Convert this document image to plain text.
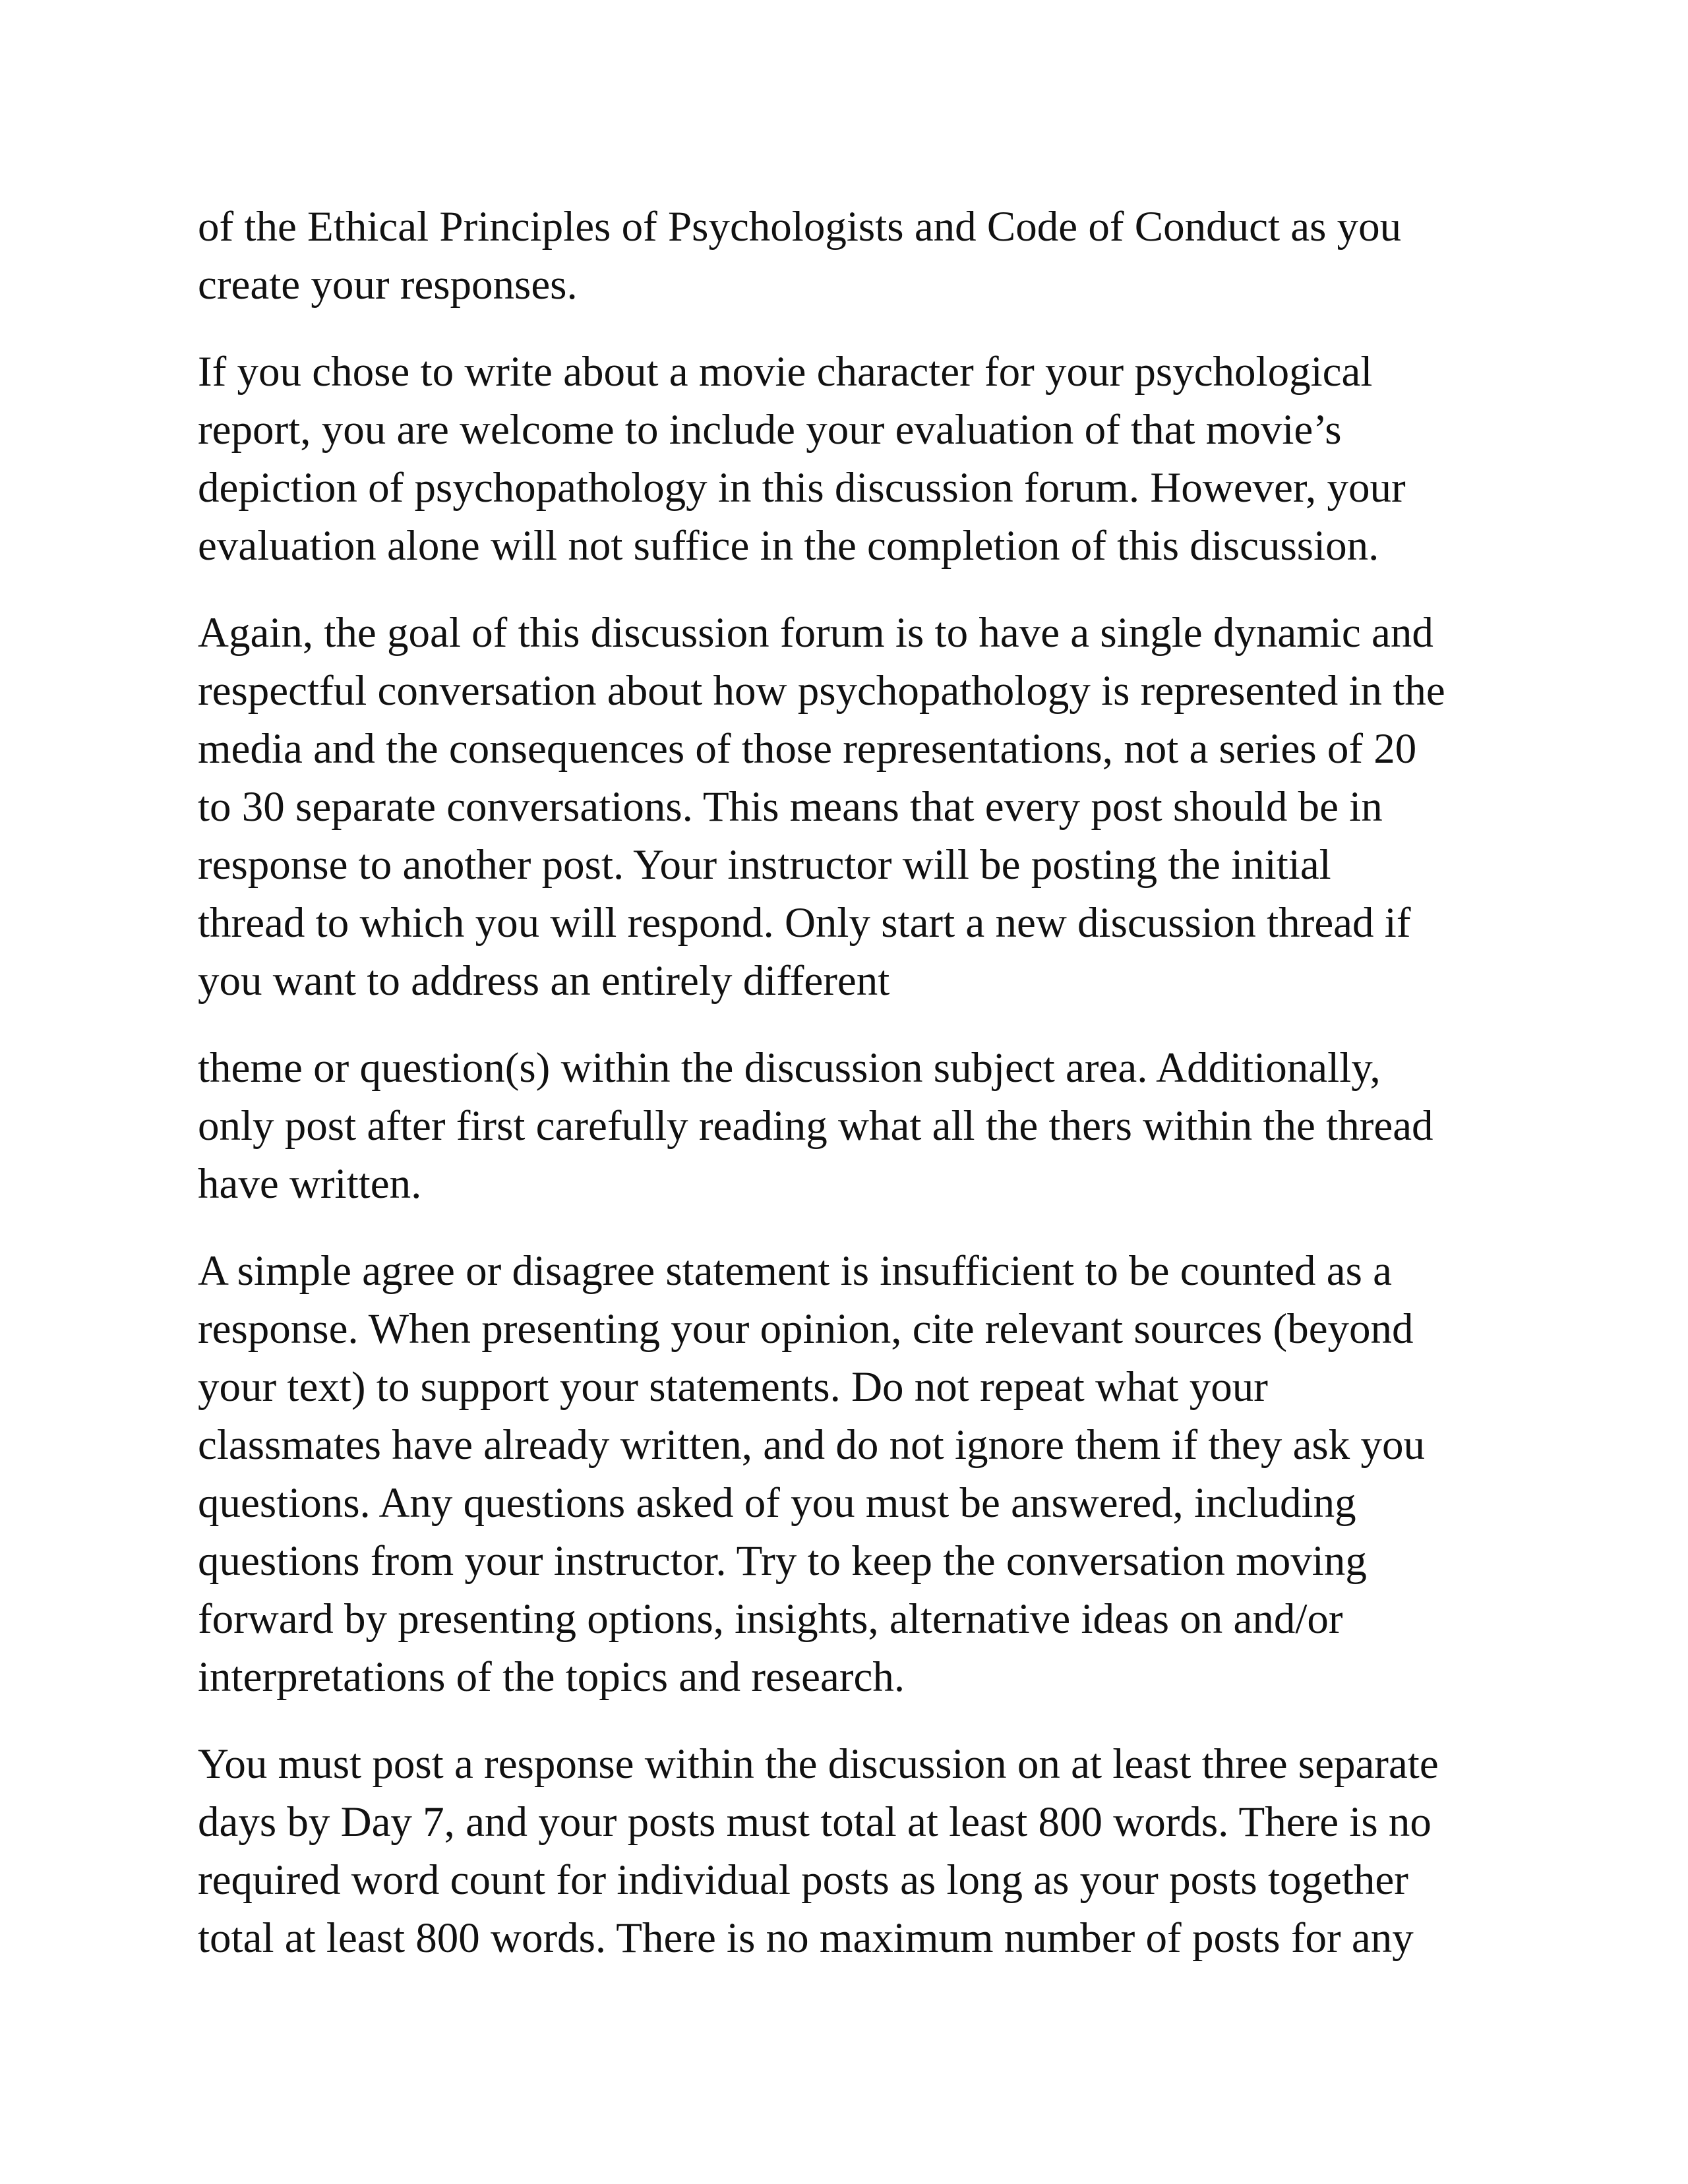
of the Ethical Principles of Psychologists and Code of Conduct as you
create your responses.

If you chose to write about a movie character for your psychological
report, you are welcome to include your evaluation of that movie’s
depiction of psychopathology in this discussion forum. However, your
evaluation alone will not suffice in the completion of this discussion.

Again, the goal of this discussion forum is to have a single dynamic and
respectful conversation about how psychopathology is represented in the
media and the consequences of those representations, not a series of 20
to 30 separate conversations. This means that every post should be in
response to another post. Your instructor will be posting the initial
thread to which you will respond. Only start a new discussion thread if
you want to address an entirely different

theme or question(s) within the discussion subject area. Additionally,
only post after first carefully reading what all the thers within the thread
have written.

A simple agree or disagree statement is insufficient to be counted as a
response. When presenting your opinion, cite relevant sources (beyond
your text) to support your statements. Do not repeat what your
classmates have already written, and do not ignore them if they ask you
questions. Any questions asked of you must be answered, including
questions from your instructor. Try to keep the conversation moving
forward by presenting options, insights, alternative ideas on and/or
interpretations of the topics and research.

You must post a response within the discussion on at least three separate
days by Day 7, and your posts must total at least 800 words. There is no
required word count for individual posts as long as your posts together
total at least 800 words. There is no maximum number of posts for any
